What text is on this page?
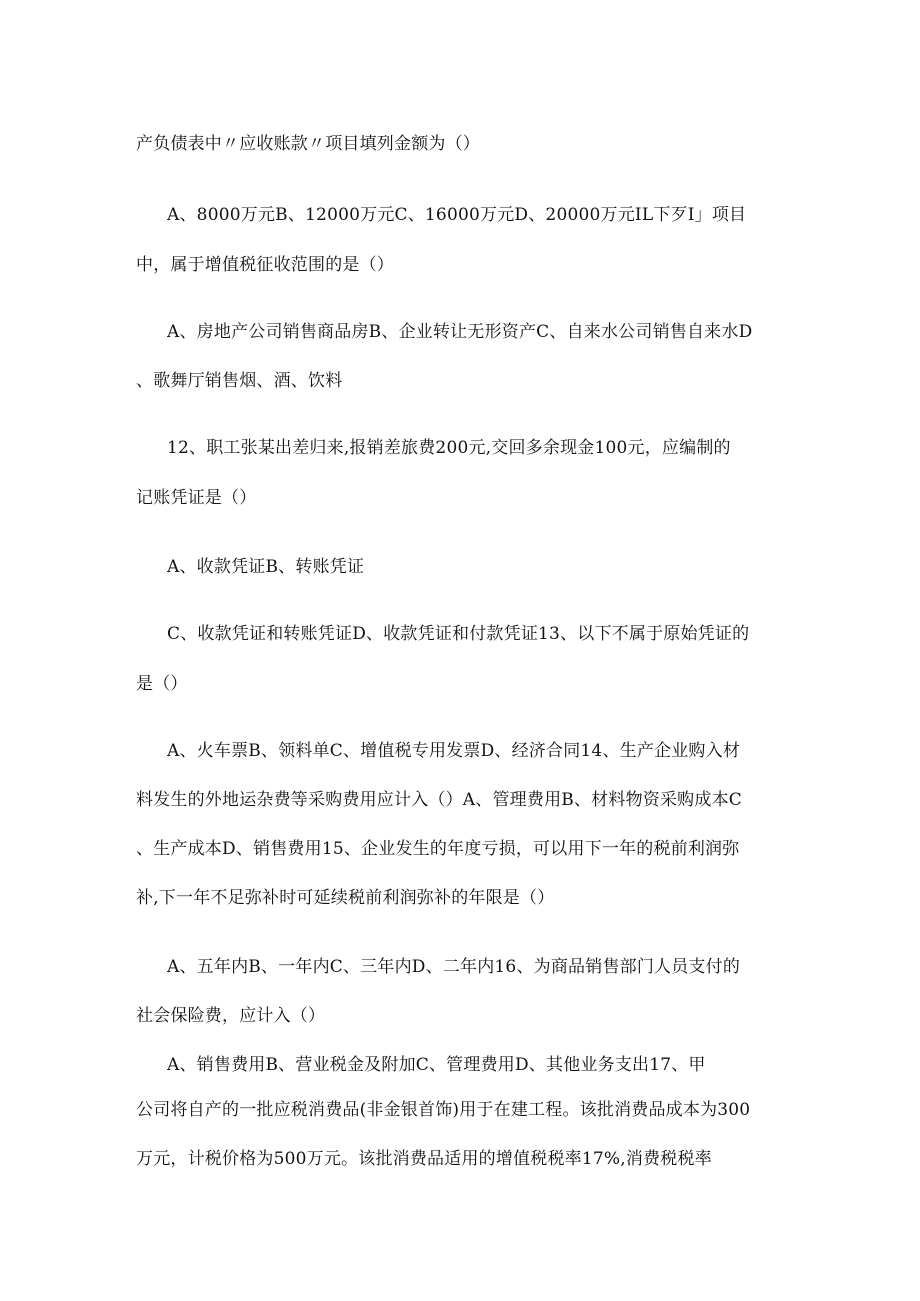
产负债表中〃应收账款〃项目填列金额为（）
A、8000万元B、12000万元C、16000万元D、20000万元IL下歹I」项目
中，属于增值税征收范围的是（）
A、房地产公司销售商品房B、企业转让无形资产C、自来水公司销售自来水D
、歌舞厅销售烟、酒、饮料
12、职工张某出差归来,报销差旅费200元,交回多余现金100元，应编制的
记账凭证是（）
A、收款凭证B、转账凭证
C、收款凭证和转账凭证D、收款凭证和付款凭证13、以下不属于原始凭证的
是（）
A、火车票B、领料单C、增值税专用发票D、经济合同14、生产企业购入材
料发生的外地运杂费等采购费用应计入（）A、管理费用B、材料物资采购成本C
、生产成本D、销售费用15、企业发生的年度亏损，可以用下一年的税前利润弥
补,下一年不足弥补时可延续税前利润弥补的年限是（）
A、五年内B、一年内C、三年内D、二年内16、为商品销售部门人员支付的
社会保险费，应计入（）
A、销售费用B、营业税金及附加C、管理费用D、其他业务支出17、甲
公司将自产的一批应税消费品(非金银首饰)用于在建工程。该批消费品成本为300
万元，计税价格为500万元。该批消费品适用的增值税税率17%,消费税税率
